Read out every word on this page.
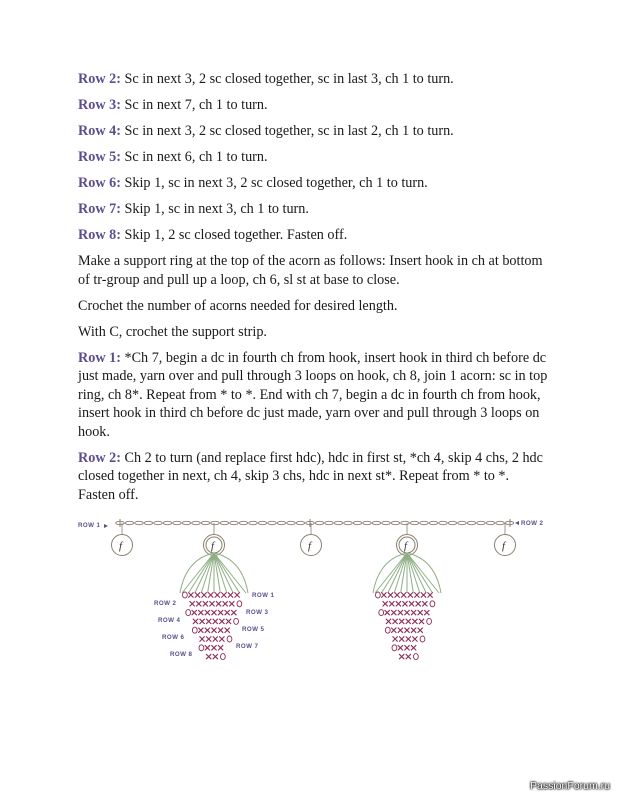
Row 2: Sc in next 3, 2 sc closed together, sc in last 3, ch 1 to turn.

Row 3: Sc in next 7, ch 1 to turn.

Row 4: Sc in next 3, 2 sc closed together, sc in last 2, ch 1 to turn.

Row 5: Sc in next 6, ch 1 to turn.

Row 6: Skip 1, sc in next 3, 2 sc closed together, ch 1 to turn.

Row 7: Skip 1, sc in next 3, ch 1 to turn.

Row 8: Skip 1, 2 sc closed together. Fasten off.

Make a support ring at the top of the acorn as follows: Insert hook in ch at bottom of tr-group and pull up a loop, ch 6, sl st at base to close.

Crochet the number of acorns needed for desired length.

With C, crochet the support strip.

Row 1: *Ch 7, begin a dc in fourth ch from hook, insert hook in third ch before dc just made, yarn over and pull through 3 loops on hook, ch 8, join 1 acorn: sc in top ring, ch 8*. Repeat from * to *. End with ch 7, begin a dc in fourth ch from hook, insert hook in third ch before dc just made, yarn over and pull through 3 loops on hook.

Row 2: Ch 2 to turn (and replace first hdc), hdc in first st, *ch 4, skip 4 chs, 2 hdc closed together in next, ch 4, skip 3 chs, hdc in next st*. Repeat from * to *. Fasten off.

f	f	f	f	f
ROW 1	ROW 2
ROW 2
ROW 4
ROW 6
ROW 8
ROW 1
ROW 3
ROW 5
ROW 7
PassionForum.ru
